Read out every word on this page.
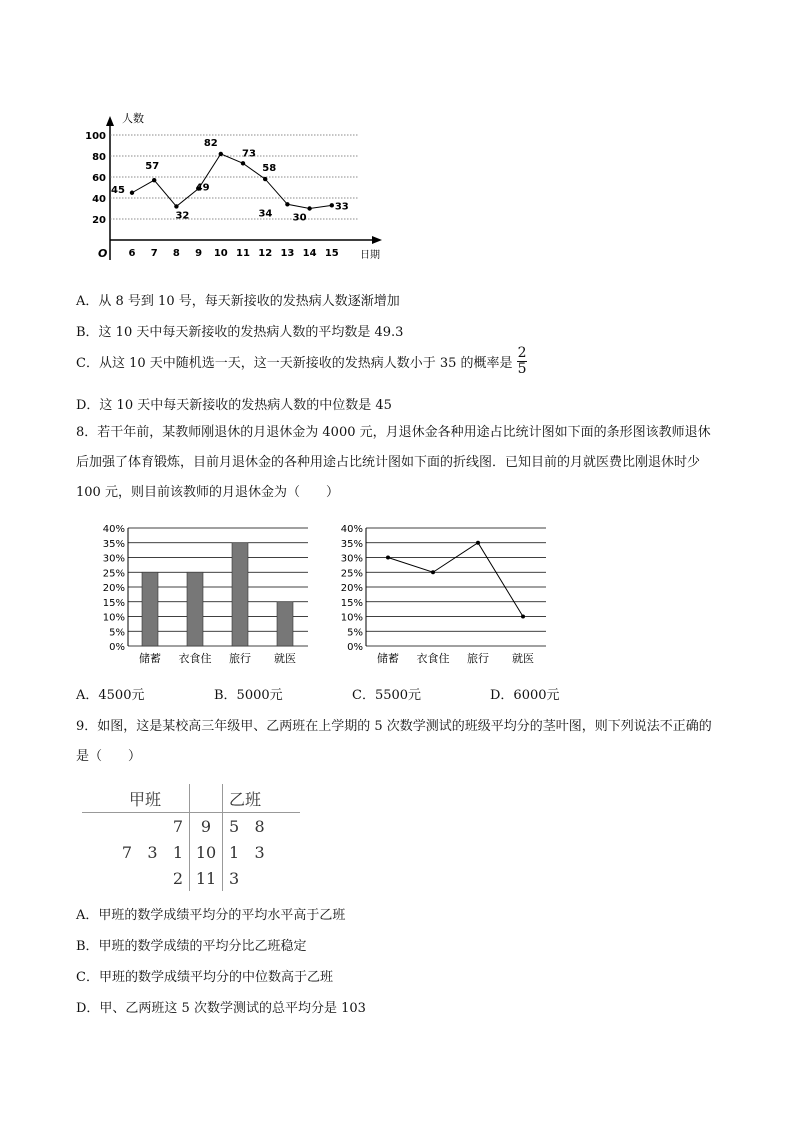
人数
日期
O
20
40
60
80
100
6 7 8 9 10 11 12 13 14 15
45
57
32
49
82
73
58
34 30
33
A．从 8 号到 10 号，每天新接收的发热病人数逐渐增加
B．这 10 天中每天新接收的发热病人数的平均数是 49.3
C．从这 10 天中随机选一天，这一天新接收的发热病人数小于 35 的概率是 $\frac{2}{5}$
D．这 10 天中每天新接收的发热病人数的中位数是 45
8．若干年前，某教师刚退休的月退休金为 4000 元，月退休金各种用途占比统计图如下面的条形图该教师退休后加强了体育锻炼，目前月退休金的各种用途占比统计图如下面的折线图．已知目前的月就医费比刚退休时少 100 元，则目前该教师的月退休金为（　　）
0%
5%
10%
15%
20%
25%
30%
35%
40%
储蓄 衣食住 旅行 就医
0%
5%
10%
15%
20%
25%
30%
35%
40%
储蓄 衣食住 旅行 就医
A．4500元	B．5000元	C．5500元	D．6000元
9．如图，这是某校高三年级甲、乙两班在上学期的 5 次数学测试的班级平均分的茎叶图，则下列说法不正确的是（　　）
甲班		乙班
7	9	5 8
7 3 1	10	1 3
2	11	3
A．甲班的数学成绩平均分的平均水平高于乙班
B．甲班的数学成绩的平均分比乙班稳定
C．甲班的数学成绩平均分的中位数高于乙班
D．甲、乙两班这 5 次数学测试的总平均分是 103
